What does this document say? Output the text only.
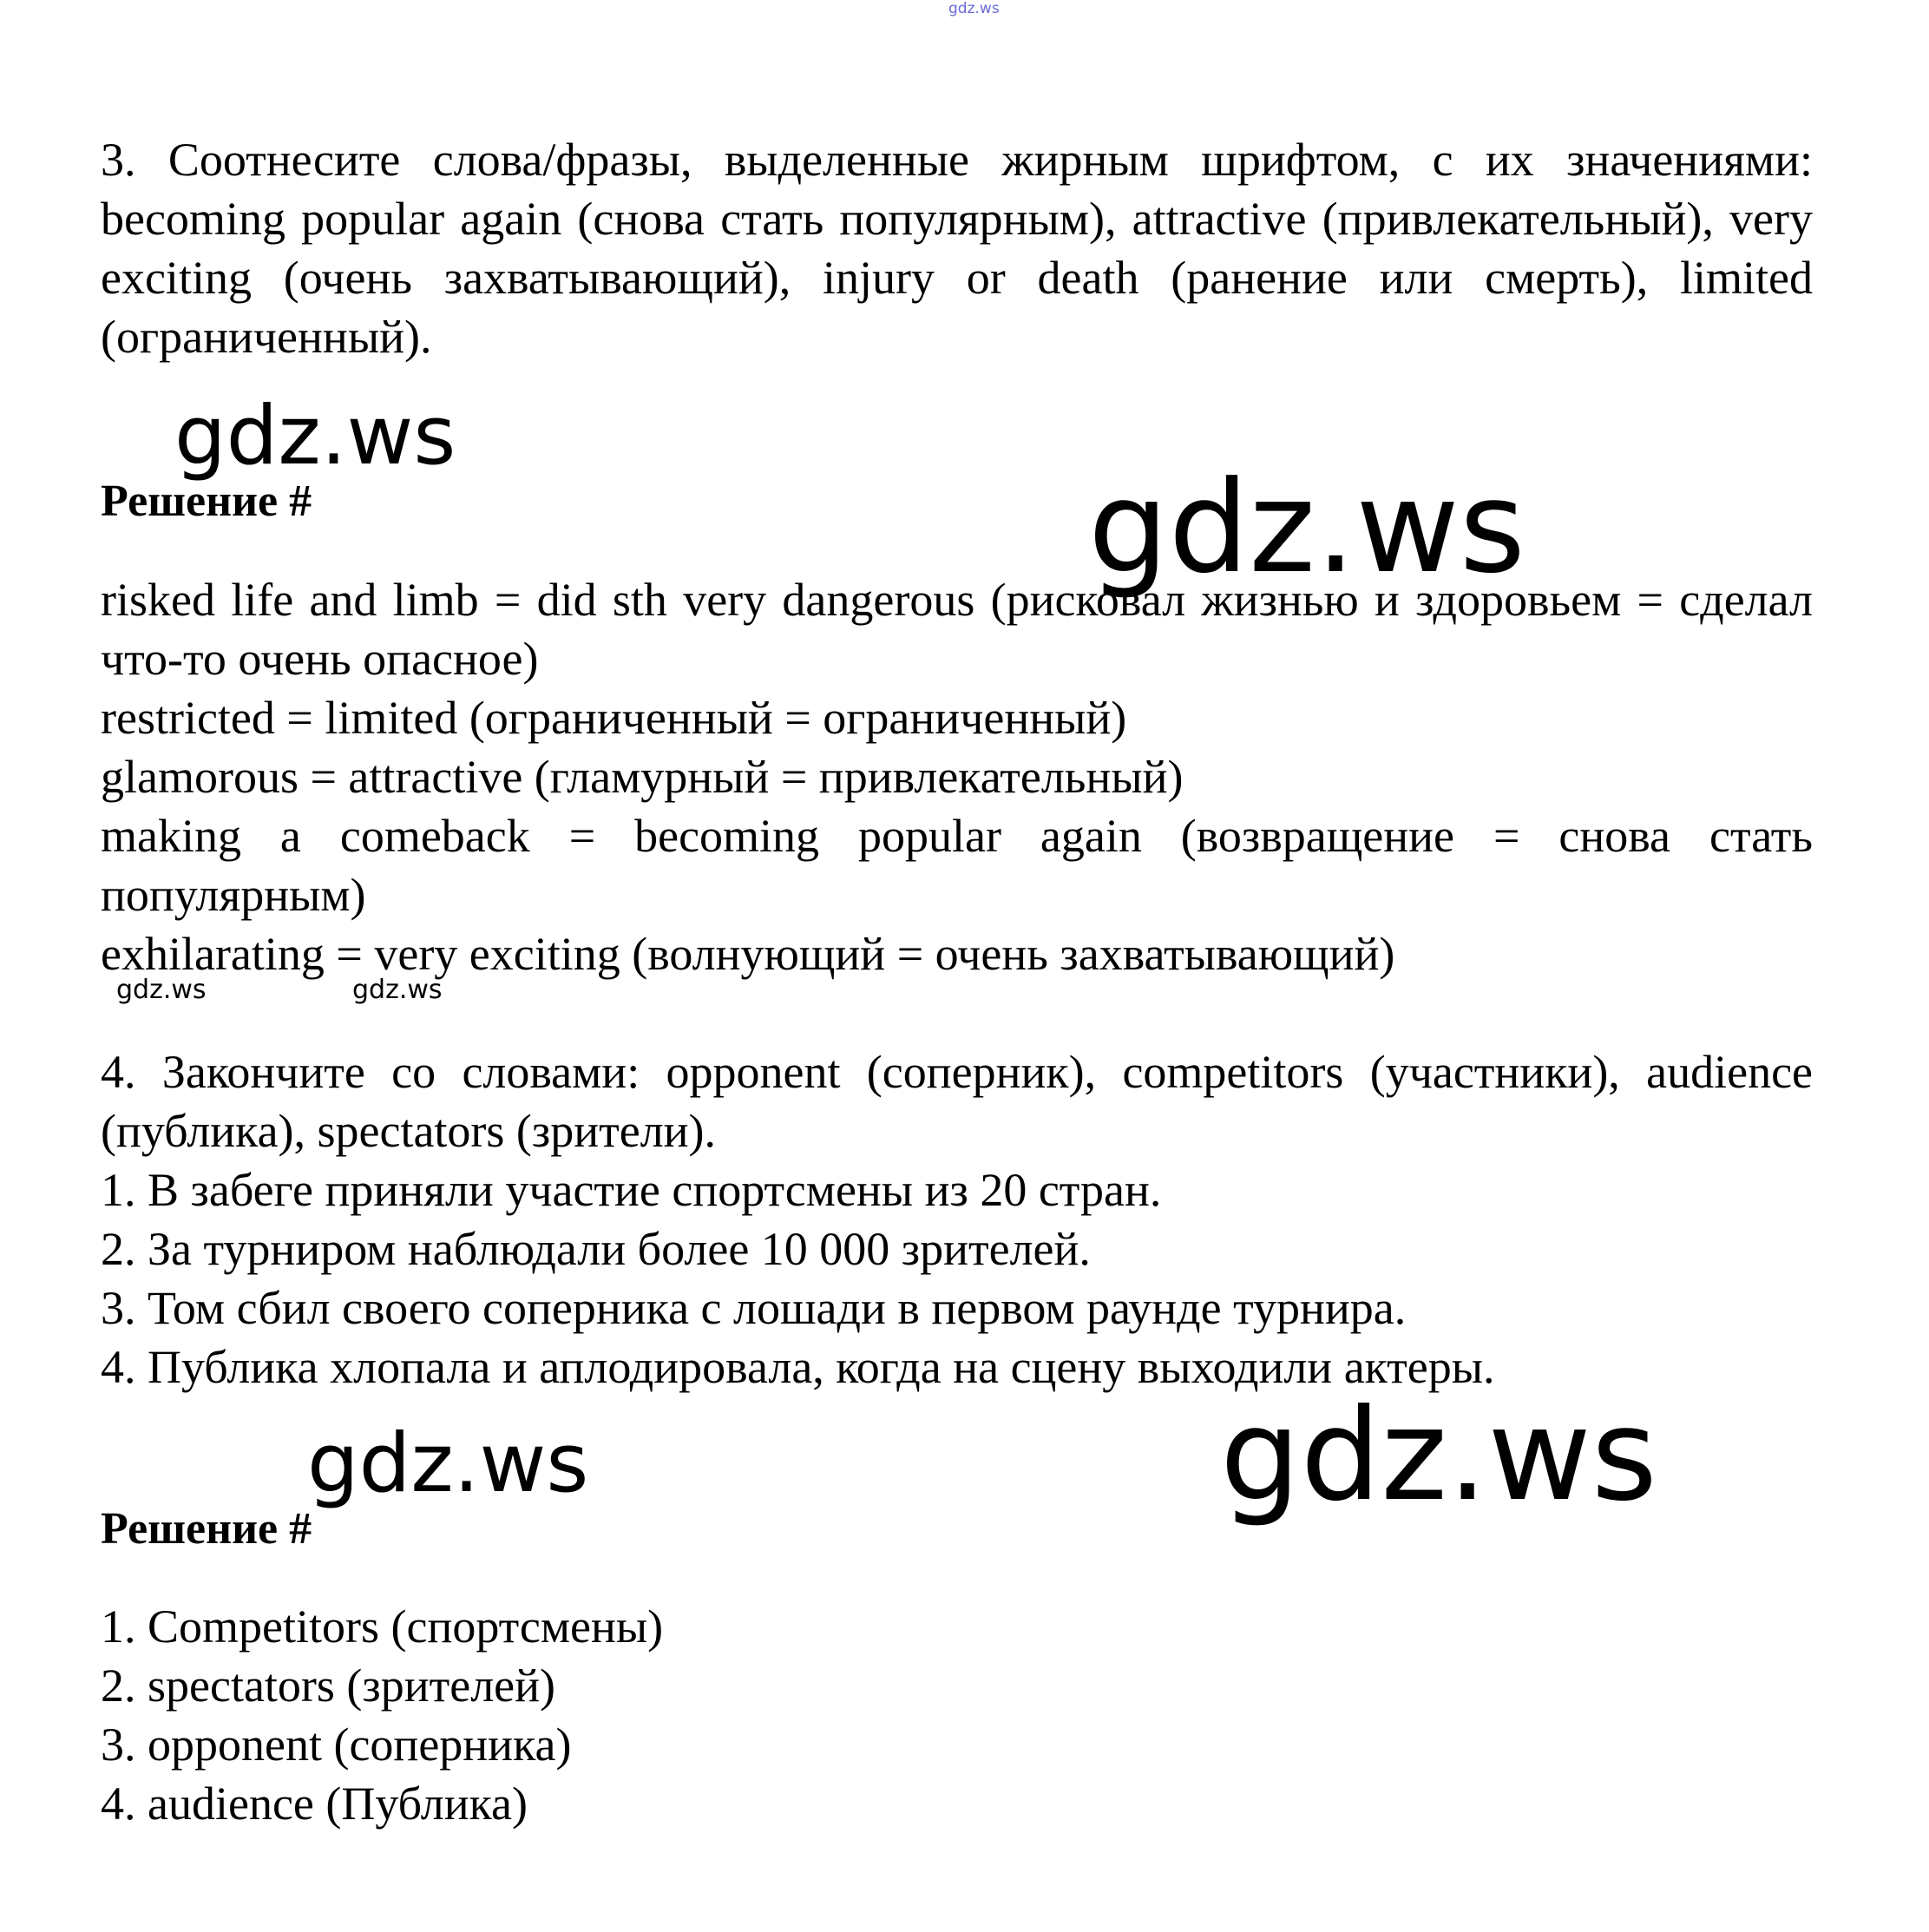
gdz.ws

3. Соотнесите слова/фразы, выделенные жирным шрифтом, с их значениями: becoming popular again (снова стать популярным), attractive (привлекательный), very exciting (очень захватывающий), injury or death (ранение или смерть), limited (ограниченный).

gdz.ws
gdz.ws

Решение #

risked life and limb = did sth very dangerous (рисковал жизнью и здоровьем = сделал что-то очень опасное)

restricted = limited (ограниченный = ограниченный)

glamorous = attractive (гламурный = привлекательный)

making a comeback = becoming popular again (возвращение = снова стать популярным)

exhilarating = very exciting (волнующий = очень захватывающий)

gdz.ws	gdz.ws

4. Закончите со словами: opponent (соперник), competitors (участники), audience (публика), spectators (зрители).

1. В забеге приняли участие спортсмены из 20 стран.

2. За турниром наблюдали более 10 000 зрителей.

3. Том сбил своего соперника с лошади в первом раунде турнира.

4. Публика хлопала и аплодировала, когда на сцену выходили актеры.

gdz.ws	gdz.ws

Решение #

1. Competitors (спортсмены)

2. spectators (зрителей)

3. opponent (соперника)

4. audience (Публика)
